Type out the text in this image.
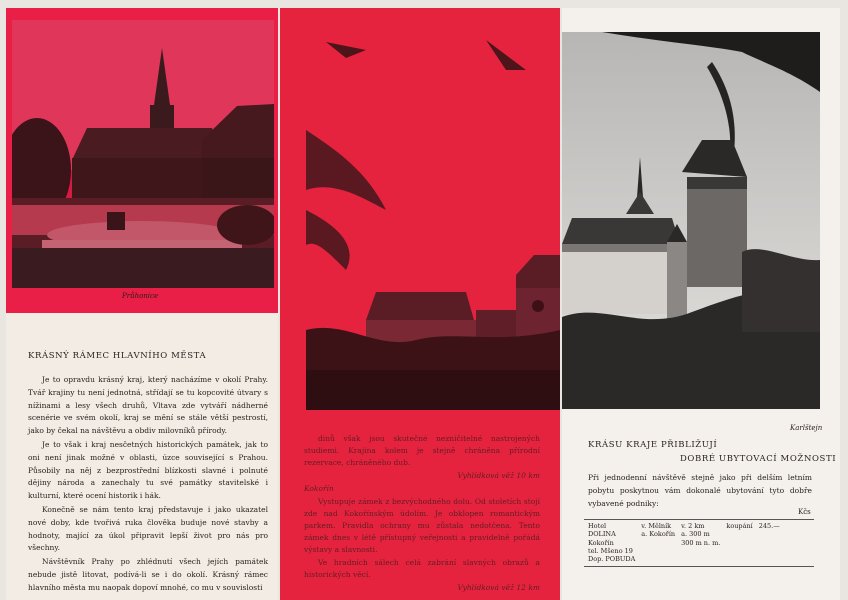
Průhonice
KRÁSNÝ RÁMEC HLAVNÍHO MĚSTA

Je to opravdu krásný kraj, který nacházíme v okolí Prahy. Tvář krajiny tu není jednotná, střídají se tu kopcovité útvary s nížinami a lesy všech druhů, Vltava zde vytváří nádherné scenérie ve svém okolí, kraj se mění se stále větší pestrostí, jako by čekal na návštěvu a obdiv milovníků přírody.

Je to však i kraj nesčetných historických památek, jak to oni není jinak možné v oblasti, úzce související s Prahou. Působily na něj z bezprostřední blízkosti slavné i polnuté dějiny národa a zanechaly tu své památky stavitelské i kulturní, které ocení historik i hák.

Konečně se nám tento kraj představuje i jako ukazatel nové doby, kde tvořivá ruka člověka buduje nové stavby a hodnoty, mající za úkol připravit lepší život pro nás pro všechny.

Návštěvník Prahy po zhlédnutí všech jejích památek nebude jistě litovat, podívá-li se i do okolí. Krásný rámec hlavního města mu naopak dopoví mnohé, co mu v souvislosti

dinů však jsou skutečné nezničitelné nastrojených studiemi. Krajina kolem je stejně chráněna přírodní rezervace, chráněného dub.

Vyhlídková věž 10 km

Kokořín

Vystupuje zámek z bezvýchodného dolu. Od stoletích stojí zde nad Kokořínským údolím. Je obklopen romantickým parkem. Pravidla ochrany mu zůstala nedotčena. Tento zámek dnes v létě přístupný veřejnosti a pravidelně pořádá výstavy a slavnosti.

Ve hradních sálech celá zabrání slavných obrazů a historických věcí.

Vyhlídková věž 12 km

Karlštejn
KRÁSU KRAJE PŘIBLIŽUJÍ
DOBRÉ UBYTOVACÍ MOŽNOSTI

Při jednodenní návštěvě stejně jako při delším letním pobytu poskytnou vám dokonalé ubytování tyto dobře vybavené podniky:

Kčs
Hotel	v. Mělník	v. 2 km	koupání	245.—
DOLINA	a. Kokořín	a. 300 m		
Kokořín		300 m n. m.		
tel. Mšeno 19				
Dop. POBUDA				
